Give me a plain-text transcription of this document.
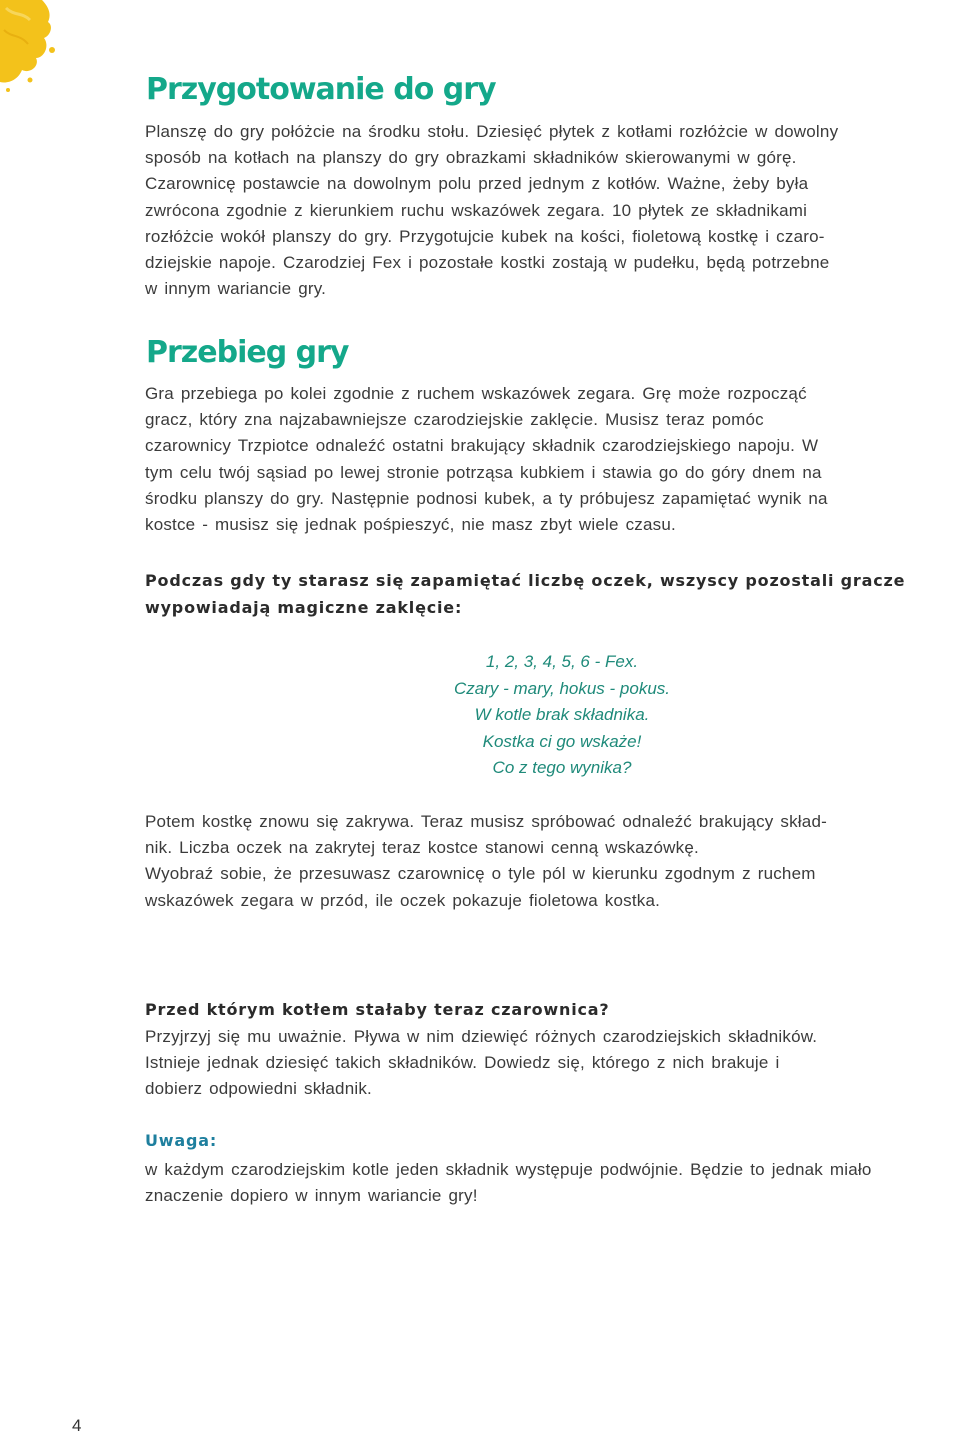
Przygotowanie do gry
Planszę do gry połóżcie na środku stołu. Dziesięć płytek z kotłami rozłóżcie w dowolny
sposób na kotłach na planszy do gry obrazkami składników skierowanymi w górę.
Czarownicę postawcie na dowolnym polu przed jednym z kotłów. Ważne, żeby była
zwrócona zgodnie z kierunkiem ruchu wskazówek zegara. 10 płytek ze składnikami
rozłóżcie wokół planszy do gry. Przygotujcie kubek na kości, fioletową kostkę i czaro-
dziejskie napoje. Czarodziej Fex i pozostałe kostki zostają w pudełku, będą potrzebne
w innym wariancie gry.
Przebieg gry
Gra przebiega po kolei zgodnie z ruchem wskazówek zegara. Grę może rozpocząć
gracz, który zna najzabawniejsze czarodziejskie zaklęcie. Musisz teraz pomóc
czarownicy Trzpiotce odnaleźć ostatni brakujący składnik czarodziejskiego napoju. W
tym celu twój sąsiad po lewej stronie potrząsa kubkiem i stawia go do góry dnem na
środku planszy do gry. Następnie podnosi kubek, a ty próbujesz zapamiętać wynik na
kostce - musisz się jednak pośpieszyć, nie masz zbyt wiele czasu.

Podczas gdy ty starasz się zapamiętać liczbę oczek, wszyscy pozostali gracze

wypowiadają magiczne zaklęcie:

1, 2, 3, 4, 5, 6 - Fex.
Czary - mary, hokus - pokus.
W kotle brak składnika.
Kostka ci go wskaże!
Co z tego wynika?
Potem kostkę znowu się zakrywa. Teraz musisz spróbować odnaleźć brakujący skład-
nik. Liczba oczek na zakrytej teraz kostce stanowi cenną wskazówkę.
Wyobraź sobie, że przesuwasz czarownicę o tyle pól w kierunku zgodnym z ruchem
wskazówek zegara w przód, ile oczek pokazuje fioletowa kostka.

Przed którym kotłem stałaby teraz czarownica?

Przyjrzyj się mu uważnie. Pływa w nim dziewięć różnych czarodziejskich składników.
Istnieje jednak dziesięć takich składników. Dowiedz się, którego z nich brakuje i
dobierz odpowiedni składnik.

Uwaga:

w każdym czarodziejskim kotle jeden składnik występuje podwójnie. Będzie to jednak miało
znaczenie dopiero w innym wariancie gry!
4
